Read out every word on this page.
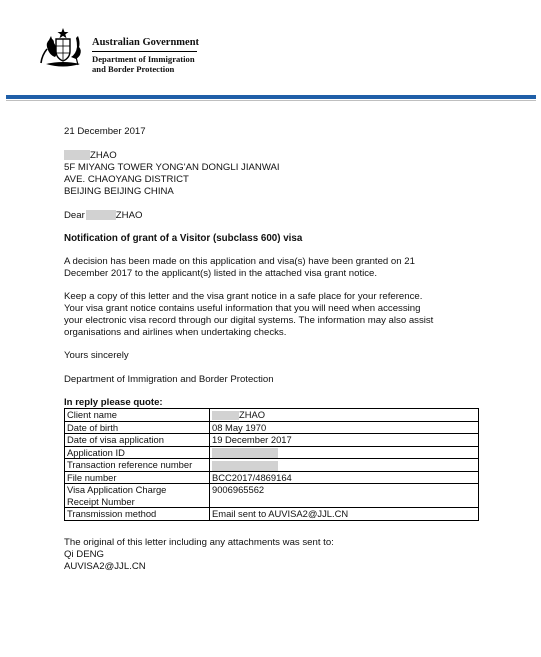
Australian Government
Department of Immigration
and Border Protection
21 December 2017
ZHAO
5F MIYANG TOWER YONG'AN DONGLI JIANWAI
AVE. CHAOYANG DISTRICT
BEIJING BEIJING CHINA
Dear	ZHAO
Notification of grant of a Visitor (subclass 600) visa
A decision has been made on this application and visa(s) have been granted on 21
December 2017 to the applicant(s) listed in the attached visa grant notice.
Keep a copy of this letter and the visa grant notice in a safe place for your reference.
Your visa grant notice contains useful information that you will need when accessing
your electronic visa record through our digital systems. The information may also assist
organisations and airlines when undertaking checks.
Yours sincerely
Department of Immigration and Border Protection
In reply please quote:
Client name	ZHAO
Date of birth	08 May 1970
Date of visa application	19 December 2017
Application ID	
Transaction reference number	
File number	BCC2017/4869164

Visa Application Charge
Receipt Number	9006965562
Transmission method	Email sent to AUVISA2@JJL.CN
The original of this letter including any attachments was sent to:
Qi DENG
AUVISA2@JJL.CN
